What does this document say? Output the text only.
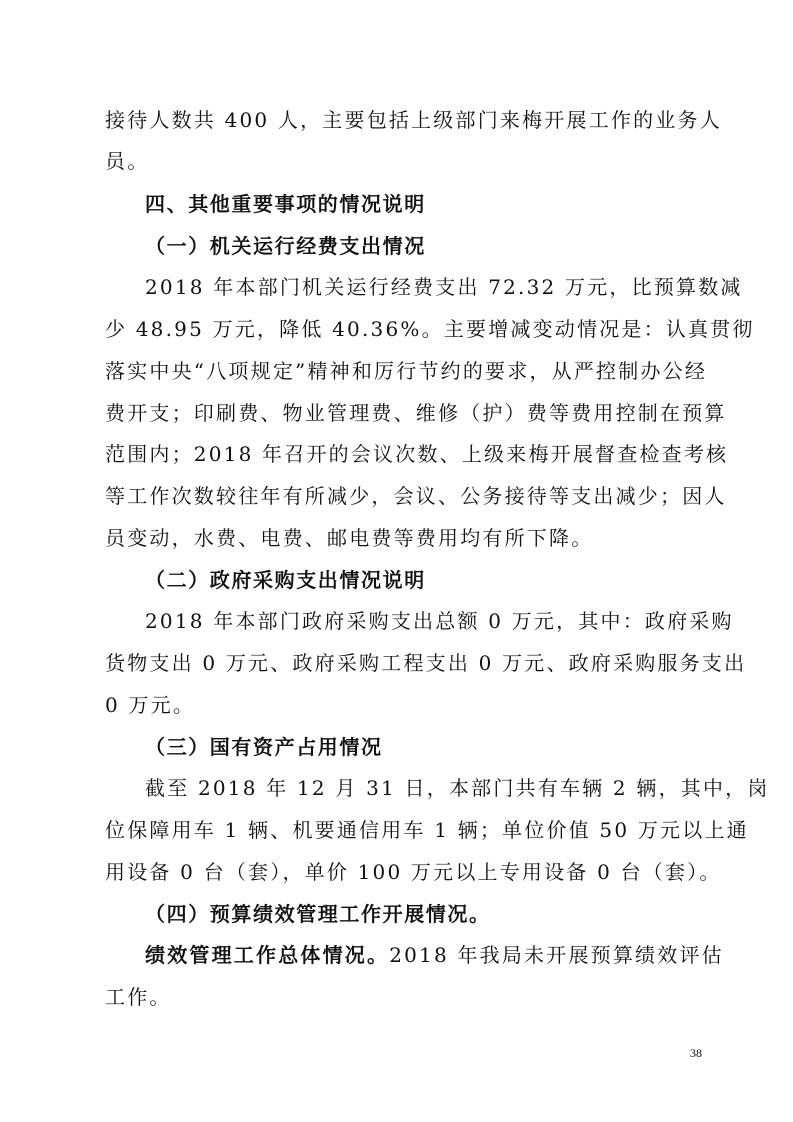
接待人数共 400 人，主要包括上级部门来梅开展工作的业务人
员。
四、其他重要事项的情况说明
（一）机关运行经费支出情况
2018 年本部门机关运行经费支出 72.32 万元，比预算数减
少 48.95 万元，降低 40.36%。主要增减变动情况是：认真贯彻
落实中央“八项规定”精神和厉行节约的要求，从严控制办公经
费开支；印刷费、物业管理费、维修（护）费等费用控制在预算
范围内；2018 年召开的会议次数、上级来梅开展督查检查考核
等工作次数较往年有所减少，会议、公务接待等支出减少；因人
员变动，水费、电费、邮电费等费用均有所下降。
（二）政府采购支出情况说明
2018 年本部门政府采购支出总额 0 万元，其中：政府采购
货物支出 0 万元、政府采购工程支出 0 万元、政府采购服务支出
0 万元。
（三）国有资产占用情况
截至 2018 年 12 月 31 日，本部门共有车辆 2 辆，其中，岗
位保障用车 1 辆、机要通信用车 1 辆；单位价值 50 万元以上通
用设备 0 台（套），单价 100 万元以上专用设备 0 台（套）。
（四）预算绩效管理工作开展情况。
绩效管理工作总体情况。2018 年我局未开展预算绩效评估
工作。
38
